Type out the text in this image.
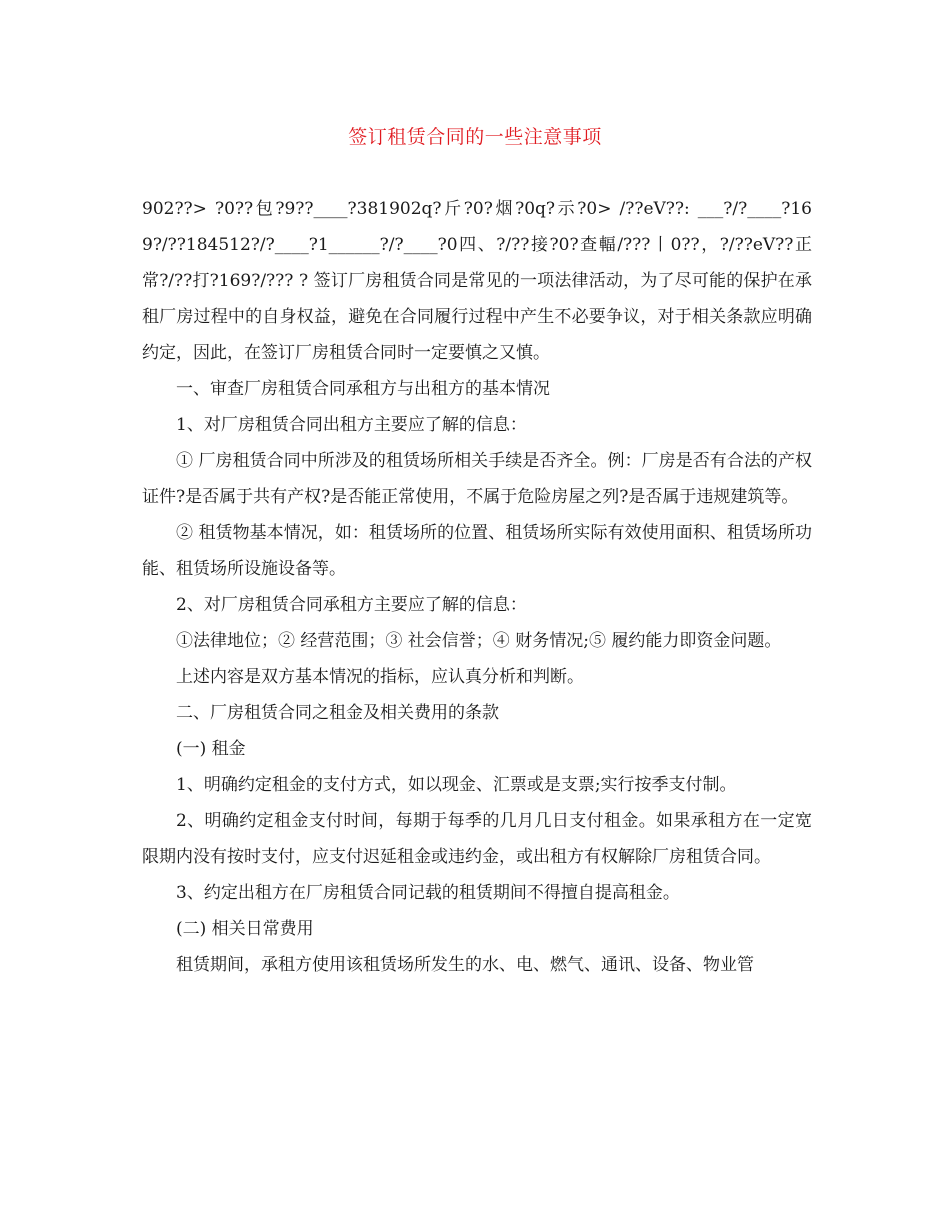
签订租赁合同的一些注意事项

902??> ?0??包?9??____?381902q?斤?0?烟?0q?示?0> /??eV??: ___?/?____?169?/??184512?/?____?1______?/?____?0四、?/??接?0?查輻/???丨0??，?/??eV??正常?/??打?169?/??? ? 签订厂房租赁合同是常见的一项法律活动，为了尽可能的保护在承租厂房过程中的自身权益，避免在合同履行过程中产生不必要争议，对于相关条款应明确约定，因此，在签订厂房租赁合同时一定要慎之又慎。

一、审查厂房租赁合同承租方与出租方的基本情况

1、对厂房租赁合同出租方主要应了解的信息：

① 厂房租赁合同中所涉及的租赁场所相关手续是否齐全。例：厂房是否有合法的产权证件?是否属于共有产权?是否能正常使用，不属于危险房屋之列?是否属于违规建筑等。

② 租赁物基本情况，如：租赁场所的位置、租赁场所实际有效使用面积、租赁场所功能、租赁场所设施设备等。

2、对厂房租赁合同承租方主要应了解的信息：

①法律地位；② 经营范围；③ 社会信誉；④ 财务情况;⑤ 履约能力即资金问题。

上述内容是双方基本情况的指标，应认真分析和判断。

二、厂房租赁合同之租金及相关费用的条款

(一) 租金

1、明确约定租金的支付方式，如以现金、汇票或是支票;实行按季支付制。

2、明确约定租金支付时间，每期于每季的几月几日支付租金。如果承租方在一定宽限期内没有按时支付，应支付迟延租金或违约金，或出租方有权解除厂房租赁合同。

3、约定出租方在厂房租赁合同记载的租赁期间不得擅自提高租金。

(二) 相关日常费用

租赁期间，承租方使用该租赁场所发生的水、电、燃气、通讯、设备、物业管
